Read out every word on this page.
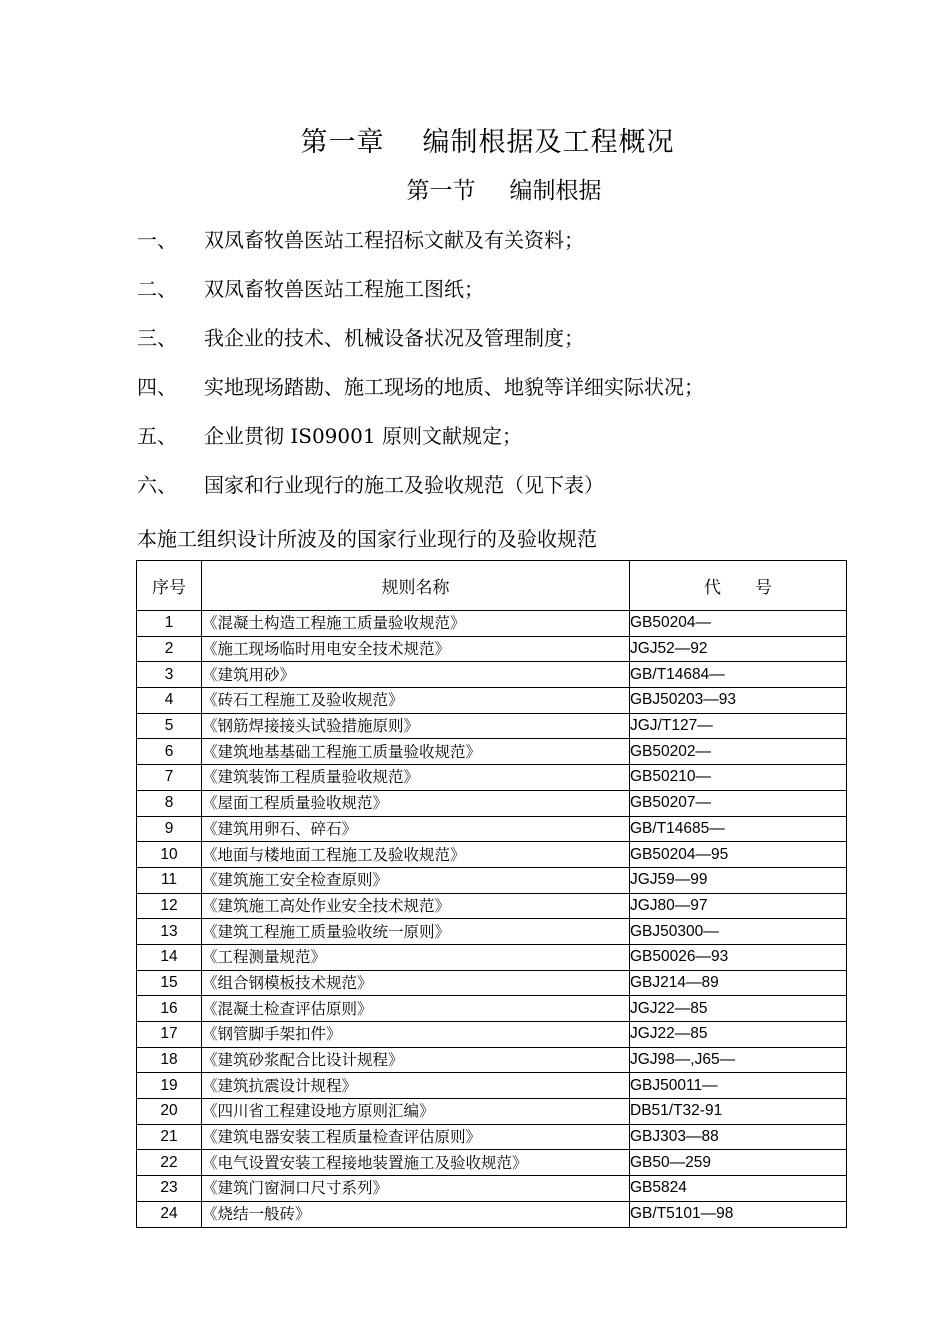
第一章 编制根据及工程概况
第一节 编制根据
一、	双凤畜牧兽医站工程招标文献及有关资料；
二、	双凤畜牧兽医站工程施工图纸；
三、	我企业的技术、机械设备状况及管理制度；
四、	实地现场踏勘、施工现场的地质、地貌等详细实际状况；
五、	企业贯彻 IS09001 原则文献规定；
六、	国家和行业现行的施工及验收规范（见下表）
本施工组织设计所波及的国家行业现行的及验收规范
序号	规则名称	代　　号
1	《混凝土构造工程施工质量验收规范》	GB50204—
2	《施工现场临时用电安全技术规范》	JGJ52—92
3	《建筑用砂》	GB/T14684—
4	《砖石工程施工及验收规范》	GBJ50203—93
5	《钢筋焊接接头试验措施原则》	JGJ/T127—
6	《建筑地基基础工程施工质量验收规范》	GB50202—
7	《建筑装饰工程质量验收规范》	GB50210—
8	《屋面工程质量验收规范》	GB50207—
9	《建筑用卵石、碎石》	GB/T14685—
10	《地面与楼地面工程施工及验收规范》	GB50204—95
11	《建筑施工安全检查原则》	JGJ59—99
12	《建筑施工高处作业安全技术规范》	JGJ80—97
13	《建筑工程施工质量验收统一原则》	GBJ50300—
14	《工程测量规范》	GB50026—93
15	《组合钢模板技术规范》	GBJ214—89
16	《混凝土检查评估原则》	JGJ22—85
17	《钢管脚手架扣件》	JGJ22—85
18	《建筑砂浆配合比设计规程》	JGJ98—,J65—
19	《建筑抗震设计规程》	GBJ50011—
20	《四川省工程建设地方原则汇编》	DB51/T32-91
21	《建筑电器安装工程质量检查评估原则》	GBJ303—88
22	《电气设置安装工程接地装置施工及验收规范》	GB50—259
23	《建筑门窗洞口尺寸系列》	GB5824
24	《烧结一般砖》	GB/T5101—98
